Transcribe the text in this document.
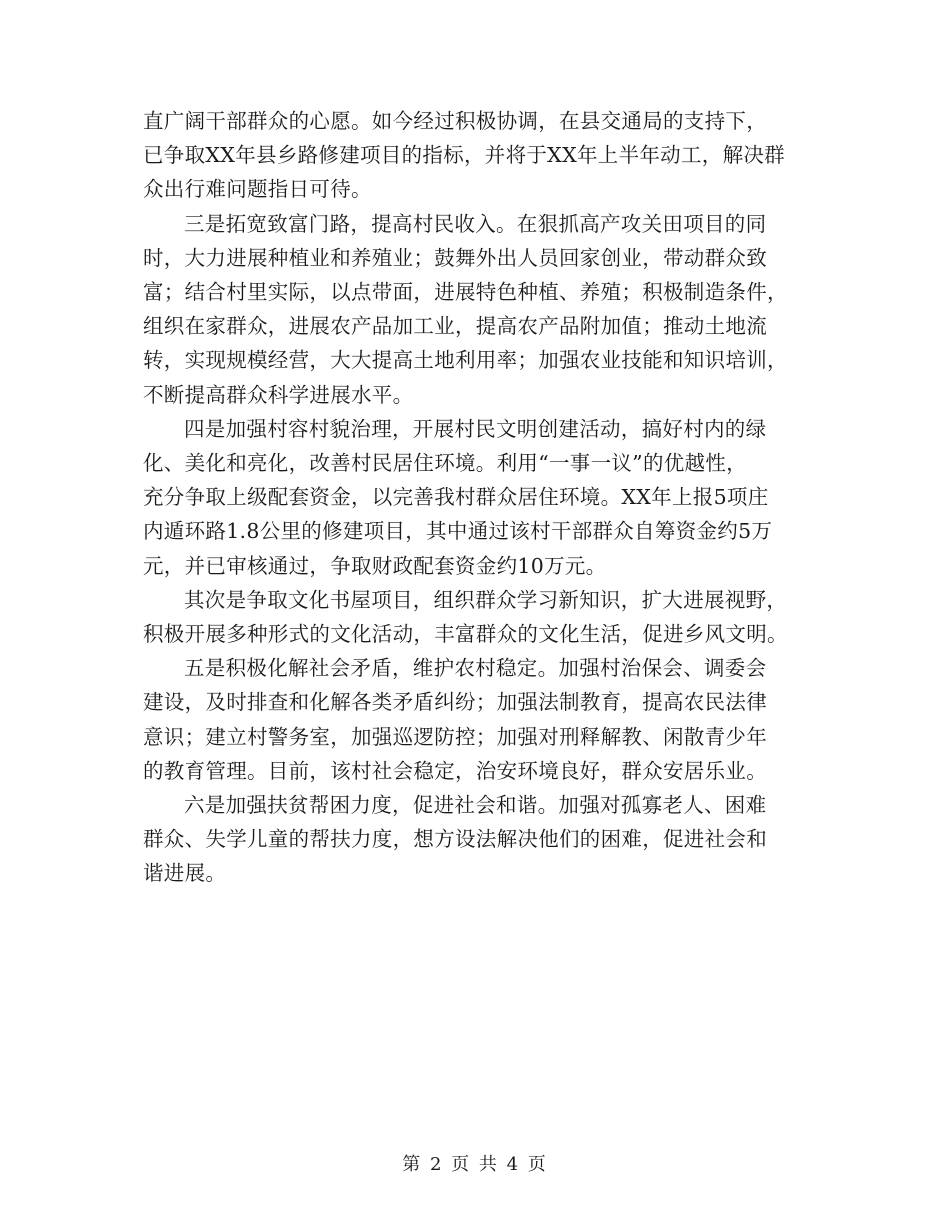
直广阔干部群众的心愿。如今经过积极协调，在县交通局的支持下，
已争取XX年县乡路修建项目的指标，并将于XX年上半年动工，解决群
众出行难问题指日可待。
三是拓宽致富门路，提高村民收入。在狠抓高产攻关田项目的同
时，大力进展种植业和养殖业；鼓舞外出人员回家创业，带动群众致
富；结合村里实际，以点带面，进展特色种植、养殖；积极制造条件，
组织在家群众，进展农产品加工业，提高农产品附加值；推动土地流
转，实现规模经营，大大提高土地利用率；加强农业技能和知识培训，
不断提高群众科学进展水平。
四是加强村容村貌治理，开展村民文明创建活动，搞好村内的绿
化、美化和亮化，改善村民居住环境。利用“一事一议”的优越性，
充分争取上级配套资金，以完善我村群众居住环境。XX年上报5项庄
内遁环路1.8公里的修建项目，其中通过该村干部群众自筹资金约5万
元，并已审核通过，争取财政配套资金约10万元。
其次是争取文化书屋项目，组织群众学习新知识，扩大进展视野，
积极开展多种形式的文化活动，丰富群众的文化生活，促进乡风文明。
五是积极化解社会矛盾，维护农村稳定。加强村治保会、调委会
建设，及时排查和化解各类矛盾纠纷；加强法制教育，提高农民法律
意识；建立村警务室，加强巡逻防控；加强对刑释解教、闲散青少年
的教育管理。目前，该村社会稳定，治安环境良好，群众安居乐业。
六是加强扶贫帮困力度，促进社会和谐。加强对孤寡老人、困难
群众、失学儿童的帮扶力度，想方设法解决他们的困难，促进社会和
谐进展。
第 2 页 共 4 页
